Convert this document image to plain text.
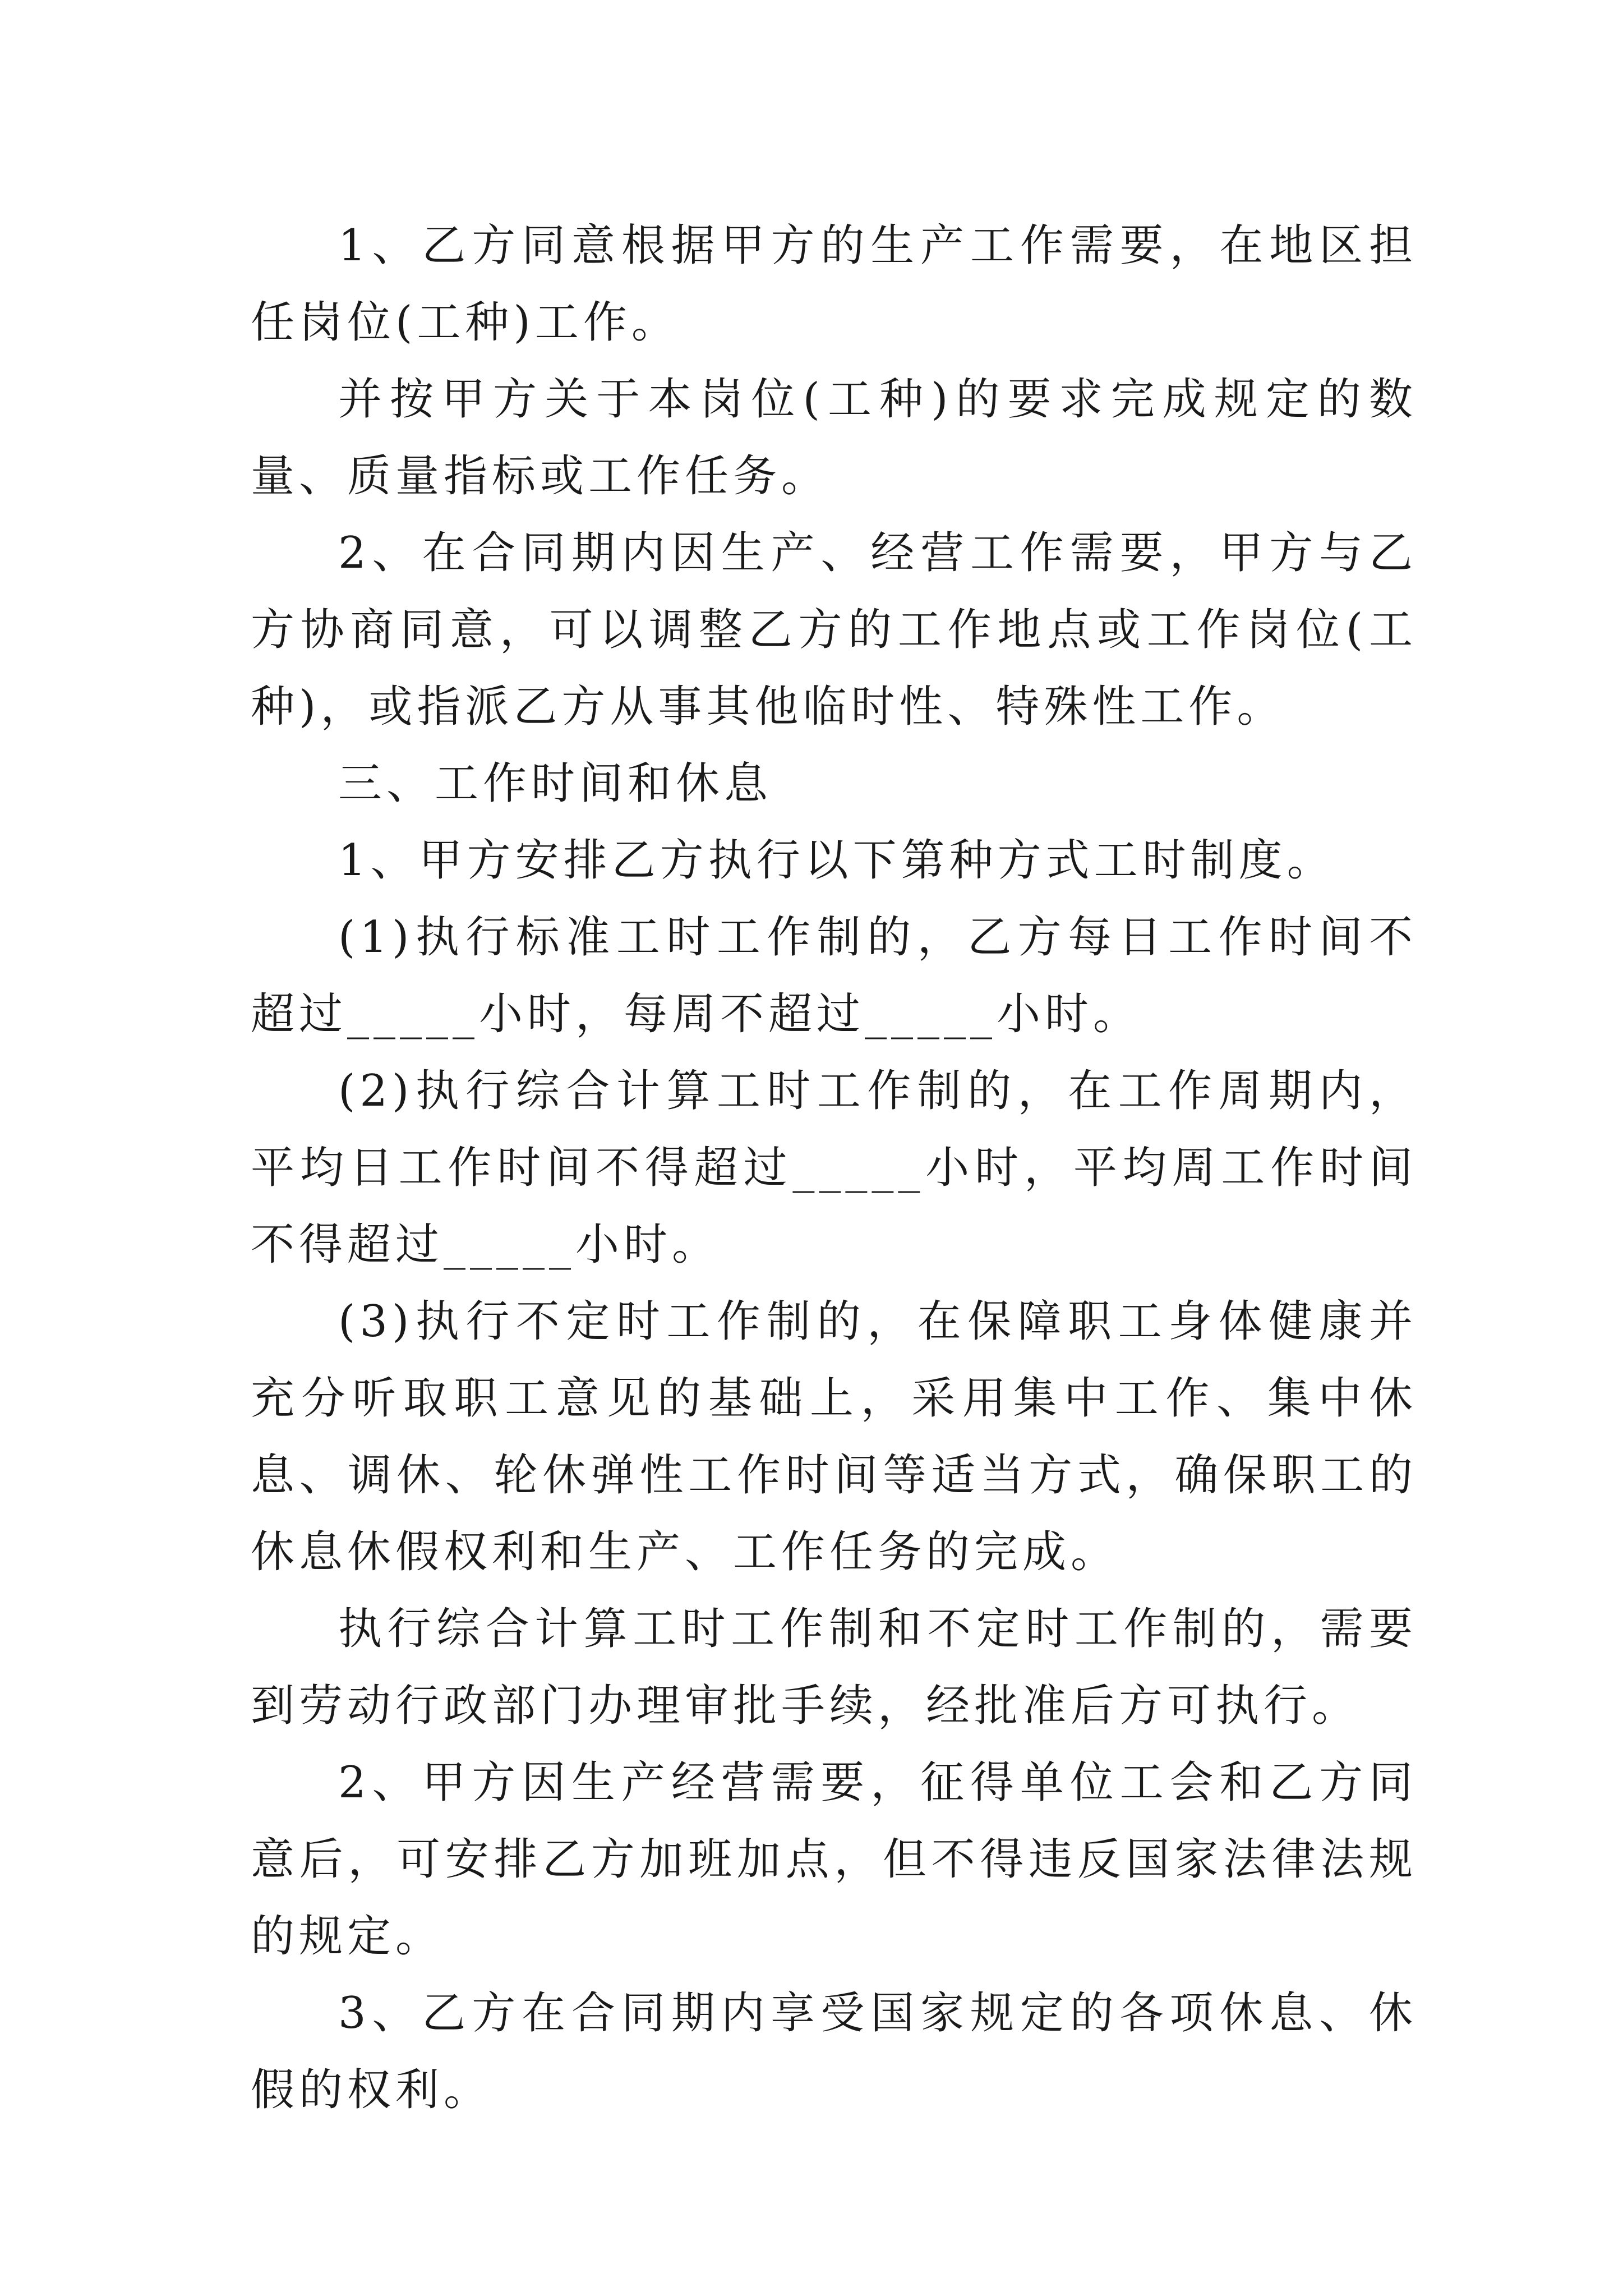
1、乙方同意根据甲方的生产工作需要，在地区担任岗位(工种)工作。

并按甲方关于本岗位(工种)的要求完成规定的数量、质量指标或工作任务。

2、在合同期内因生产、经营工作需要，甲方与乙方协商同意，可以调整乙方的工作地点或工作岗位(工种)，或指派乙方从事其他临时性、特殊性工作。

三、工作时间和休息

1、甲方安排乙方执行以下第种方式工时制度。

(1)执行标准工时工作制的，乙方每日工作时间不超过_____小时，每周不超过_____小时。

(2)执行综合计算工时工作制的，在工作周期内，平均日工作时间不得超过_____小时，平均周工作时间不得超过_____小时。

(3)执行不定时工作制的，在保障职工身体健康并充分听取职工意见的基础上，采用集中工作、集中休息、调休、轮休弹性工作时间等适当方式，确保职工的休息休假权利和生产、工作任务的完成。

执行综合计算工时工作制和不定时工作制的，需要到劳动行政部门办理审批手续，经批准后方可执行。

2、甲方因生产经营需要，征得单位工会和乙方同意后，可安排乙方加班加点，但不得违反国家法律法规的规定。

3、乙方在合同期内享受国家规定的各项休息、休假的权利。
